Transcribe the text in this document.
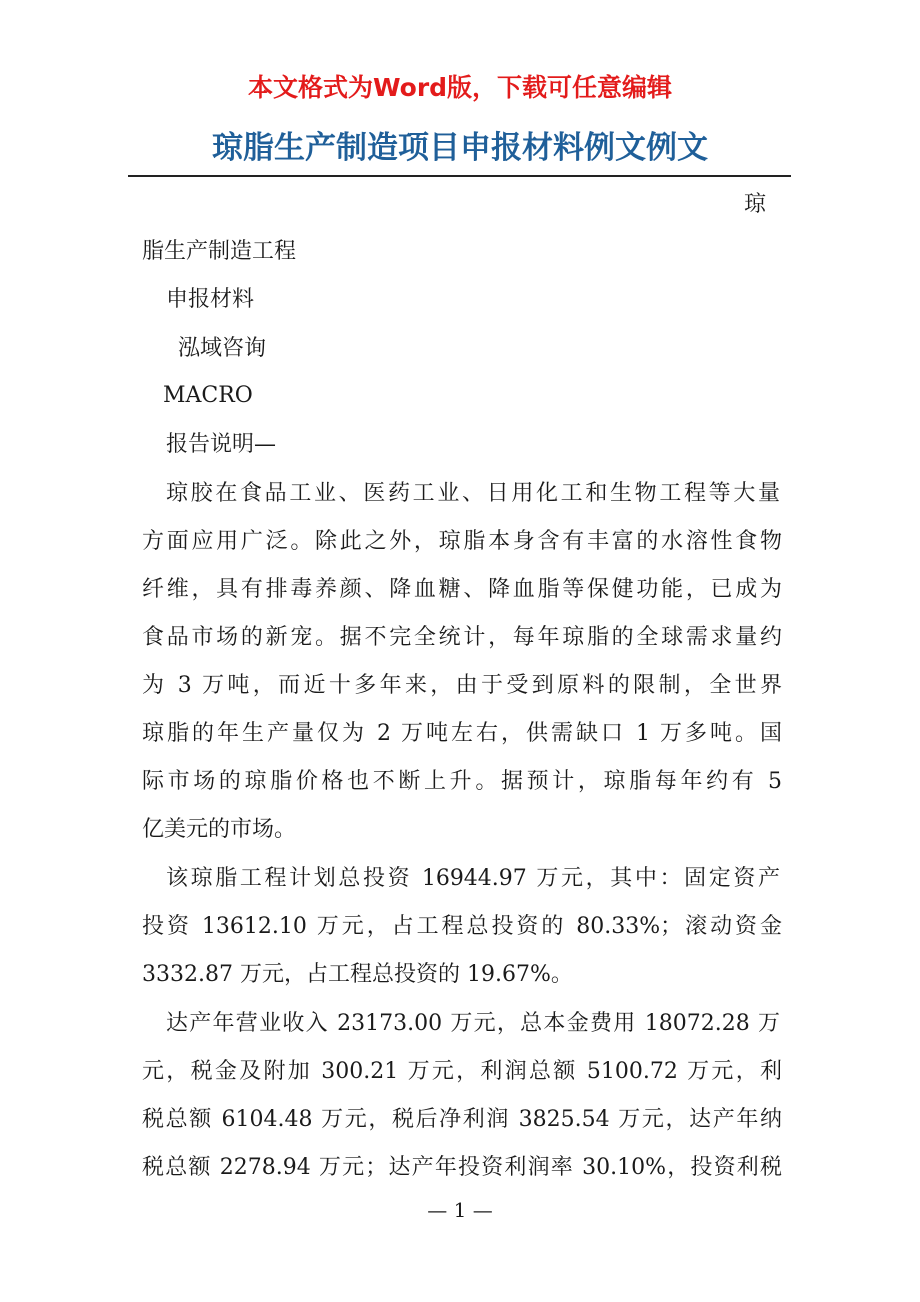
本文格式为Word版，下载可任意编辑
琼脂生产制造项目申报材料例文例文
琼
脂生产制造工程
申报材料
泓域咨询
MACRO
报告说明—
琼胶在食品工业、医药工业、日用化工和生物工程等大量
方面应用广泛。除此之外，琼脂本身含有丰富的水溶性食物
纤维，具有排毒养颜、降血糖、降血脂等保健功能，已成为
食品市场的新宠。据不完全统计，每年琼脂的全球需求量约
为 3 万吨，而近十多年来，由于受到原料的限制，全世界
琼脂的年生产量仅为 2 万吨左右，供需缺口 1 万多吨。国
际市场的琼脂价格也不断上升。据预计，琼脂每年约有 5
亿美元的市场。
该琼脂工程计划总投资 16944.97 万元，其中：固定资产
投资 13612.10 万元，占工程总投资的 80.33%；滚动资金
3332.87 万元，占工程总投资的 19.67%。
达产年营业收入 23173.00 万元，总本金费用 18072.28 万
元，税金及附加 300.21 万元，利润总额 5100.72 万元，利
税总额 6104.48 万元，税后净利润 3825.54 万元，达产年纳
税总额 2278.94 万元；达产年投资利润率 30.10%，投资利税
— 1 —
